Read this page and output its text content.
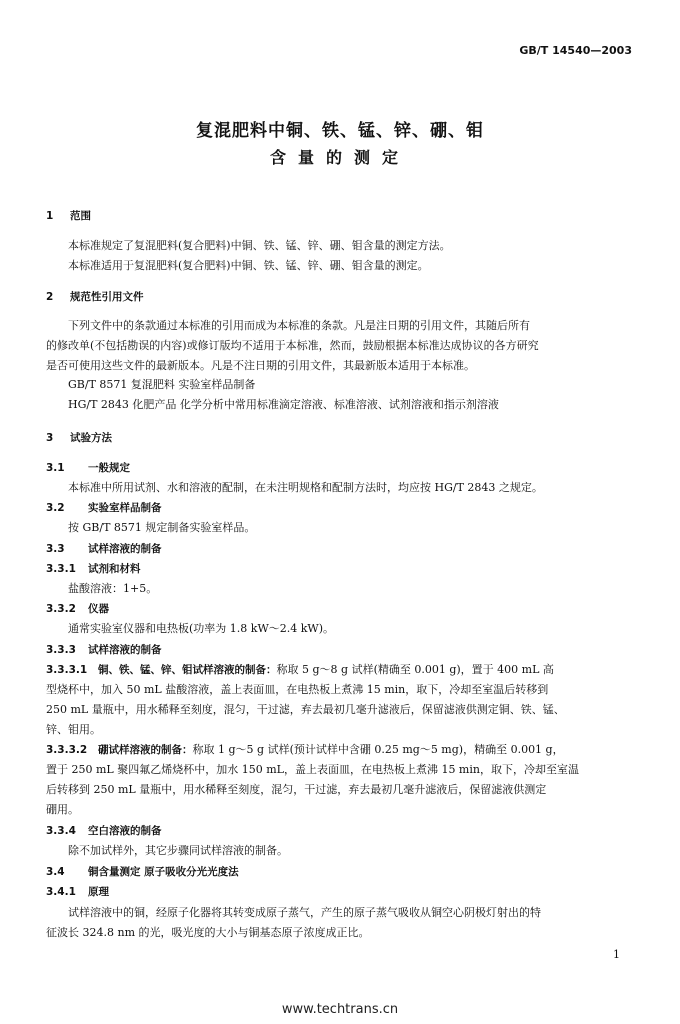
GB/T 14540—2003
复混肥料中铜、铁、锰、锌、硼、钼
含量的测定
1 范围
本标准规定了复混肥料(复合肥料)中铜、铁、锰、锌、硼、钼含量的测定方法。
本标准适用于复混肥料(复合肥料)中铜、铁、锰、锌、硼、钼含量的测定。
2 规范性引用文件
下列文件中的条款通过本标准的引用而成为本标准的条款。凡是注日期的引用文件，其随后所有
的修改单(不包括勘误的内容)或修订版均不适用于本标准，然而，鼓励根据本标准达成协议的各方研究
是否可使用这些文件的最新版本。凡是不注日期的引用文件，其最新版本适用于本标准。
GB/T 8571 复混肥料 实验室样品制备
HG/T 2843 化肥产品 化学分析中常用标准滴定溶液、标准溶液、试剂溶液和指示剂溶液
3 试验方法
3.1 一般规定
本标准中所用试剂、水和溶液的配制，在未注明规格和配制方法时，均应按 HG/T 2843 之规定。
3.2 实验室样品制备
按 GB/T 8571 规定制备实验室样品。
3.3 试样溶液的制备
3.3.1 试剂和材料
盐酸溶液：1+5。
3.3.2 仪器
通常实验室仪器和电热板(功率为 1.8 kW～2.4 kW)。
3.3.3 试样溶液的制备
3.3.3.1 铜、铁、锰、锌、钼试样溶液的制备：称取 5 g～8 g 试样(精确至 0.001 g)，置于 400 mL 高
型烧杯中，加入 50 mL 盐酸溶液，盖上表面皿，在电热板上煮沸 15 min，取下，冷却至室温后转移到
250 mL 量瓶中，用水稀释至刻度，混匀，干过滤，弃去最初几毫升滤液后，保留滤液供测定铜、铁、锰、
锌、钼用。
3.3.3.2 硼试样溶液的制备：称取 1 g～5 g 试样(预计试样中含硼 0.25 mg～5 mg)，精确至 0.001 g，
置于 250 mL 聚四氟乙烯烧杯中，加水 150 mL，盖上表面皿，在电热板上煮沸 15 min，取下，冷却至室温
后转移到 250 mL 量瓶中，用水稀释至刻度，混匀，干过滤，弃去最初几毫升滤液后，保留滤液供测定
硼用。
3.3.4 空白溶液的制备
除不加试样外，其它步骤同试样溶液的制备。
3.4 铜含量测定 原子吸收分光光度法
3.4.1 原理
试样溶液中的铜，经原子化器将其转变成原子蒸气，产生的原子蒸气吸收从铜空心阴极灯射出的特
征波长 324.8 nm 的光，吸光度的大小与铜基态原子浓度成正比。
1
www.techtrans.cn
